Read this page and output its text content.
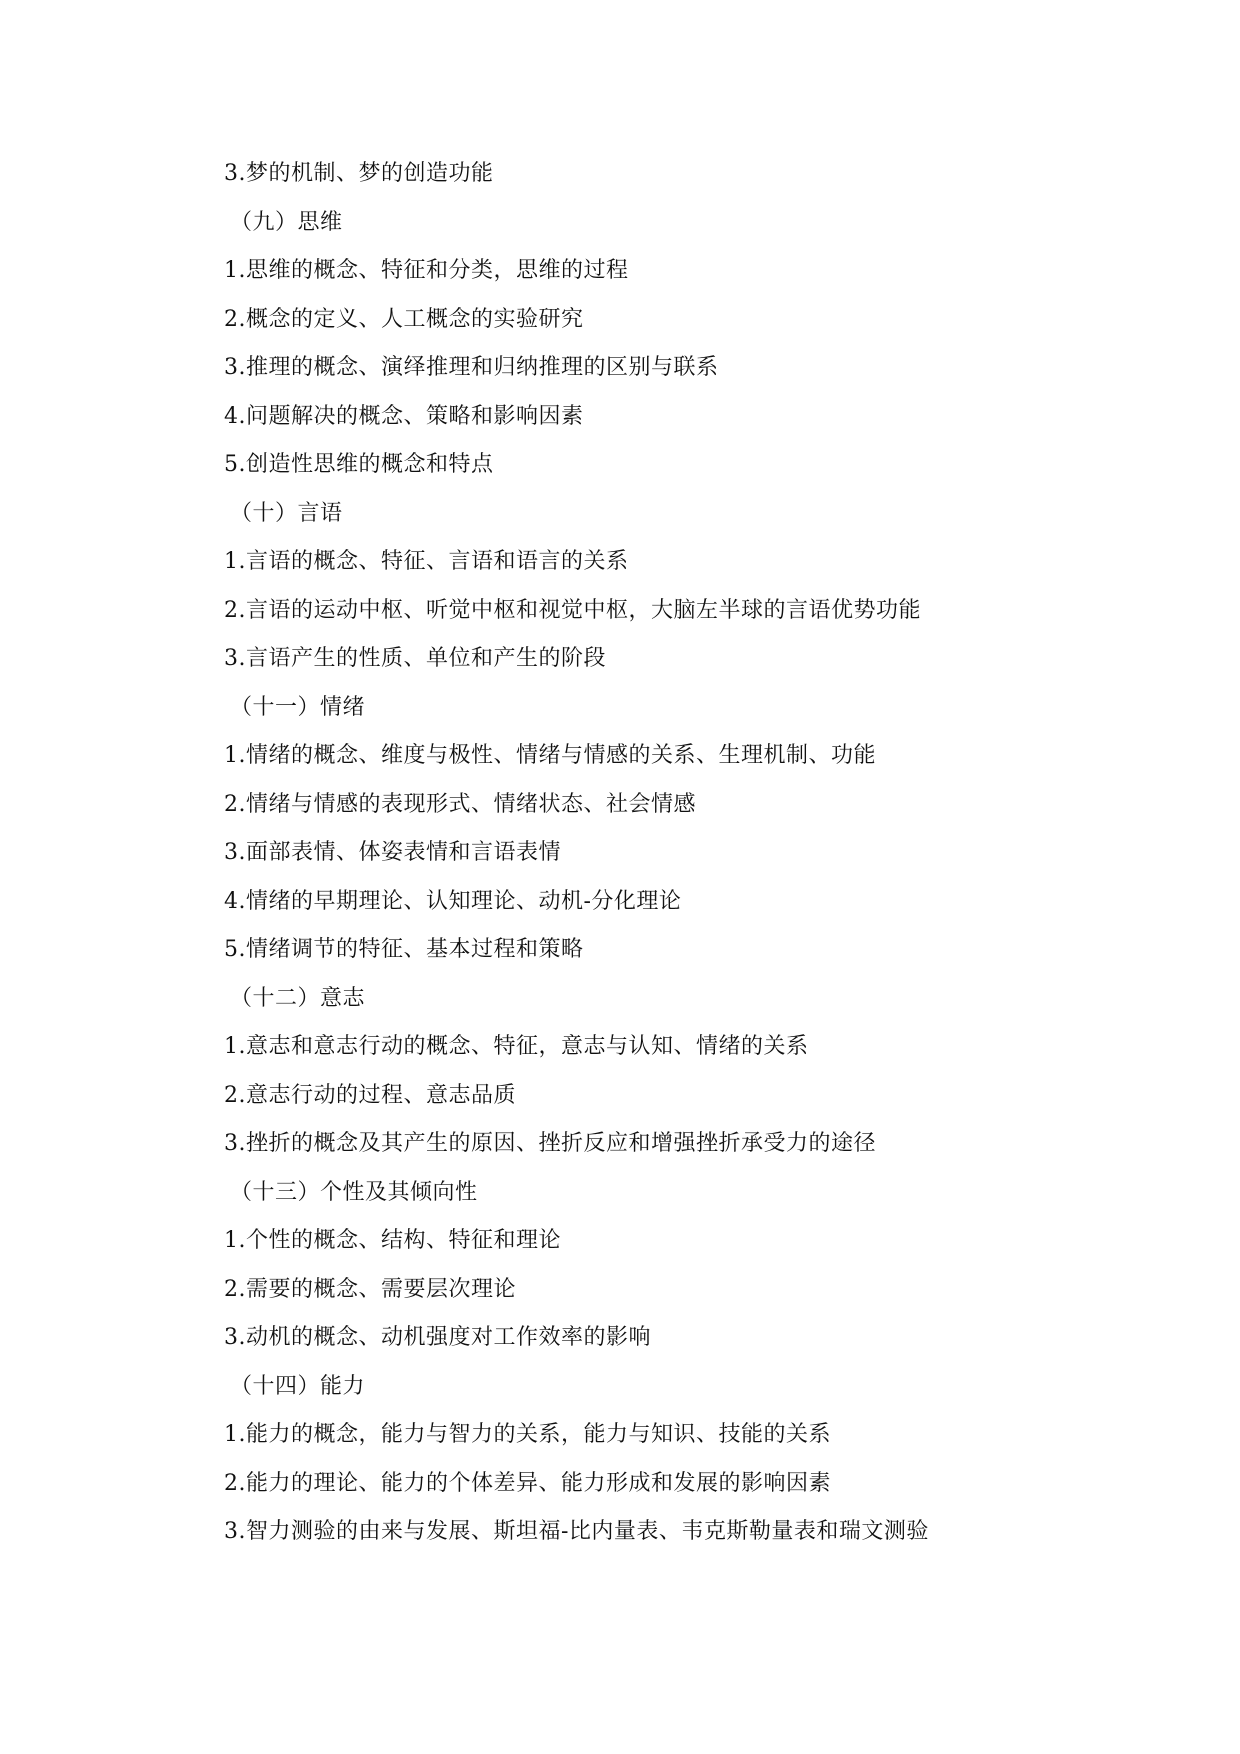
3.梦的机制、梦的创造功能
（九）思维
1.思维的概念、特征和分类，思维的过程
2.概念的定义、人工概念的实验研究
3.推理的概念、演绎推理和归纳推理的区别与联系
4.问题解决的概念、策略和影响因素
5.创造性思维的概念和特点
（十）言语
1.言语的概念、特征、言语和语言的关系
2.言语的运动中枢、听觉中枢和视觉中枢，大脑左半球的言语优势功能
3.言语产生的性质、单位和产生的阶段
（十一）情绪
1.情绪的概念、维度与极性、情绪与情感的关系、生理机制、功能
2.情绪与情感的表现形式、情绪状态、社会情感
3.面部表情、体姿表情和言语表情
4.情绪的早期理论、认知理论、动机-分化理论
5.情绪调节的特征、基本过程和策略
（十二）意志
1.意志和意志行动的概念、特征，意志与认知、情绪的关系
2.意志行动的过程、意志品质
3.挫折的概念及其产生的原因、挫折反应和增强挫折承受力的途径
（十三）个性及其倾向性
1.个性的概念、结构、特征和理论
2.需要的概念、需要层次理论
3.动机的概念、动机强度对工作效率的影响
（十四）能力
1.能力的概念，能力与智力的关系，能力与知识、技能的关系
2.能力的理论、能力的个体差异、能力形成和发展的影响因素
3.智力测验的由来与发展、斯坦福-比内量表、韦克斯勒量表和瑞文测验
